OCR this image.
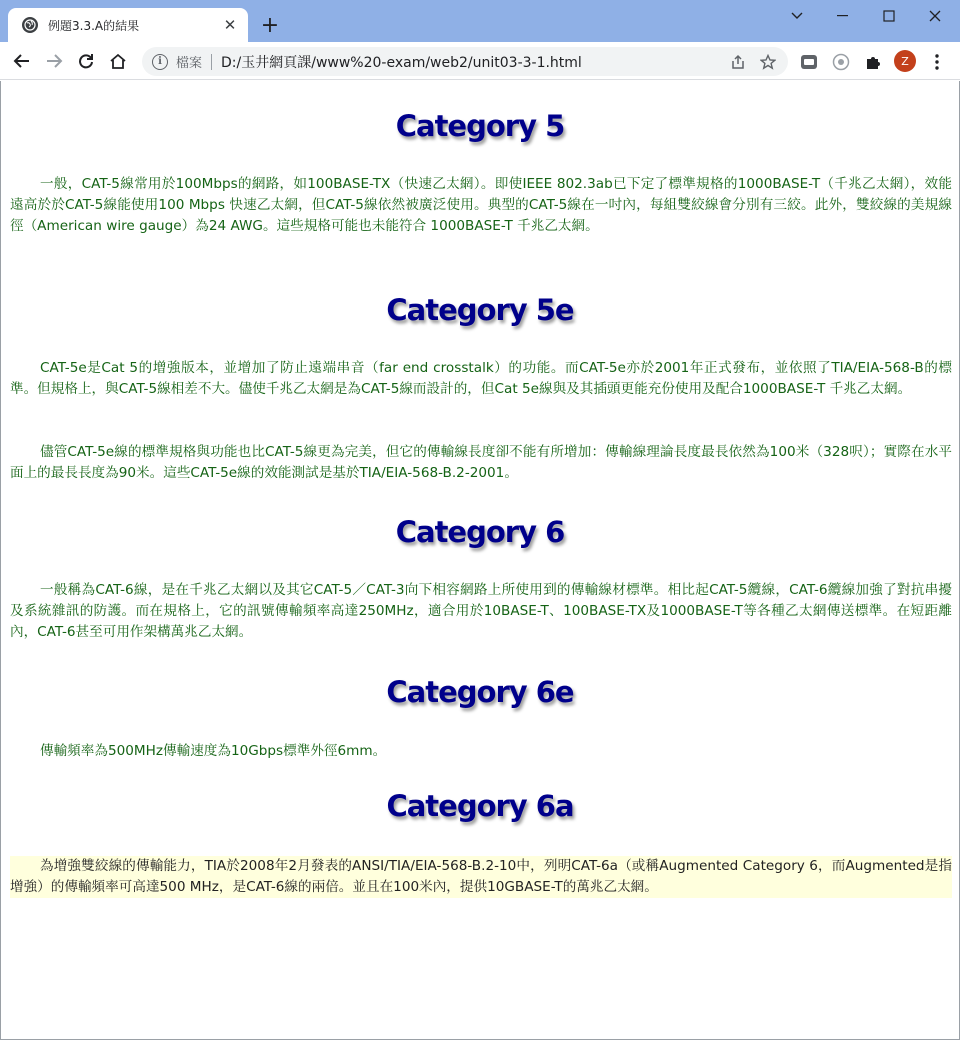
例題3.3.A的結果	✕ +
i	檔案 D:/玉井網頁課/www%20-exam/web2/unit03-3-1.html	Z
Category 5

一般，CAT-5線常用於100Mbps的網路，如100BASE-TX（快速乙太網）。即使IEEE 802.3ab已下定了標準規格的1000BASE-T（千兆乙太網），效能遠高於於CAT-5線能使用100 Mbps 快速乙太網，但CAT-5線依然被廣泛使用。典型的CAT-5線在一吋內，每組雙絞線會分別有三絞。此外，雙絞線的美規線徑（American wire gauge）為24 AWG。這些規格可能也未能符合 1000BASE-T 千兆乙太網。

Category 5e

CAT-5e是Cat 5的增強版本，並增加了防止遠端串音（far end crosstalk）的功能。而CAT-5e亦於2001年正式發布，並依照了TIA/EIA-568-B的標準。但規格上，與CAT-5線相差不大。儘使千兆乙太網是為CAT-5線而設計的，但Cat 5e線與及其插頭更能充份使用及配合1000BASE-T 千兆乙太網。

儘管CAT-5e線的標準規格與功能也比CAT-5線更為完美，但它的傳輸線長度卻不能有所增加：傳輸線理論長度最長依然為100米（328呎）；實際在水平面上的最長長度為90米。這些CAT-5e線的效能測試是基於TIA/EIA-568-B.2-2001。

Category 6

一般稱為CAT-6線，是在千兆乙太網以及其它CAT-5／CAT-3向下相容網路上所使用到的傳輸線材標準。相比起CAT-5纜線，CAT-6纜線加強了對抗串擾及系統雜訊的防護。而在規格上，它的訊號傳輸頻率高達250MHz，適合用於10BASE-T、100BASE-TX及1000BASE-T等各種乙太網傳送標準。在短距離內，CAT-6甚至可用作架構萬兆乙太網。

Category 6e

傳輸頻率為500MHz傳輸速度為10Gbps標準外徑6mm。

Category 6a

為增強雙絞線的傳輸能力，TIA於2008年2月發表的ANSI/TIA/EIA-568-B.2-10中，列明CAT-6a（或稱Augmented Category 6，而Augmented是指增強）的傳輸頻率可高達500 MHz，是CAT-6線的兩倍。並且在100米內，提供10GBASE-T的萬兆乙太網。
